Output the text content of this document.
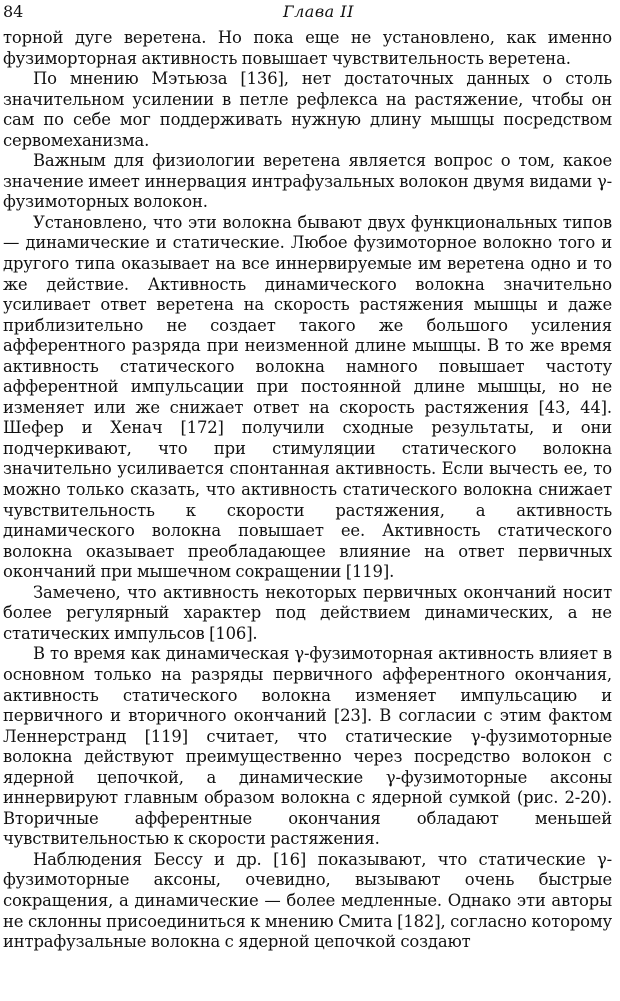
84	Глава II

торной дуге веретена. Но пока еще не установлено, как именно фузиморторная активность повышает чувствительность веретена.

По мнению Мэтьюза [136], нет достаточных данных о столь значительном усилении в петле рефлекса на растяжение, чтобы он сам по себе мог поддерживать нужную длину мышцы посредством сервомеханизма.

Важным для физиологии веретена является вопрос о том, какое значение имеет иннервация интрафузальных волокон двумя видами γ-фузимоторных волокон.

Установлено, что эти волокна бывают двух функциональных типов — динамические и статические. Любое фузимоторное волокно того и другого типа оказывает на все иннервируемые им веретена одно и то же действие. Активность динамического волокна значительно усиливает ответ веретена на скорость растяжения мышцы и даже приблизительно не создает такого же большого усиления афферентного разряда при неизменной длине мышцы. В то же время активность статического волокна намного повышает частоту афферентной импульсации при постоянной длине мышцы, но не изменяет или же снижает ответ на скорость растяжения [43, 44]. Шефер и Хенач [172] получили сходные результаты, и они подчеркивают, что при стимуляции статического волокна значительно усиливается спонтанная активность. Если вычесть ее, то можно только сказать, что активность статического волокна снижает чувствительность к скорости растяжения, а активность динамического волокна повышает ее. Активность статического волокна оказывает преобладающее влияние на ответ первичных окончаний при мышечном сокращении [119].

Замечено, что активность некоторых первичных окончаний носит более регулярный характер под действием динамических, а не статических импульсов [106].

В то время как динамическая γ-фузимоторная активность влияет в основном только на разряды первичного афферентного окончания, активность статического волокна изменяет импульсацию и первичного и вторичного окончаний [23]. В согласии с этим фактом Леннерстранд [119] считает, что статические γ-фузимоторные волокна действуют преимущественно через посредство волокон с ядерной цепочкой, а динамические γ-фузимоторные аксоны иннервируют главным образом волокна с ядерной сумкой (рис. 2-20). Вторичные афферентные окончания обладают меньшей чувствительностью к скорости растяжения.

Наблюдения Бессу и др. [16] показывают, что статические γ-фузимоторные аксоны, очевидно, вызывают очень быстрые сокращения, а динамические — более медленные. Однако эти авторы не склонны присоединиться к мнению Смита [182], согласно которому интрафузальные волокна с ядерной цепочкой создают
